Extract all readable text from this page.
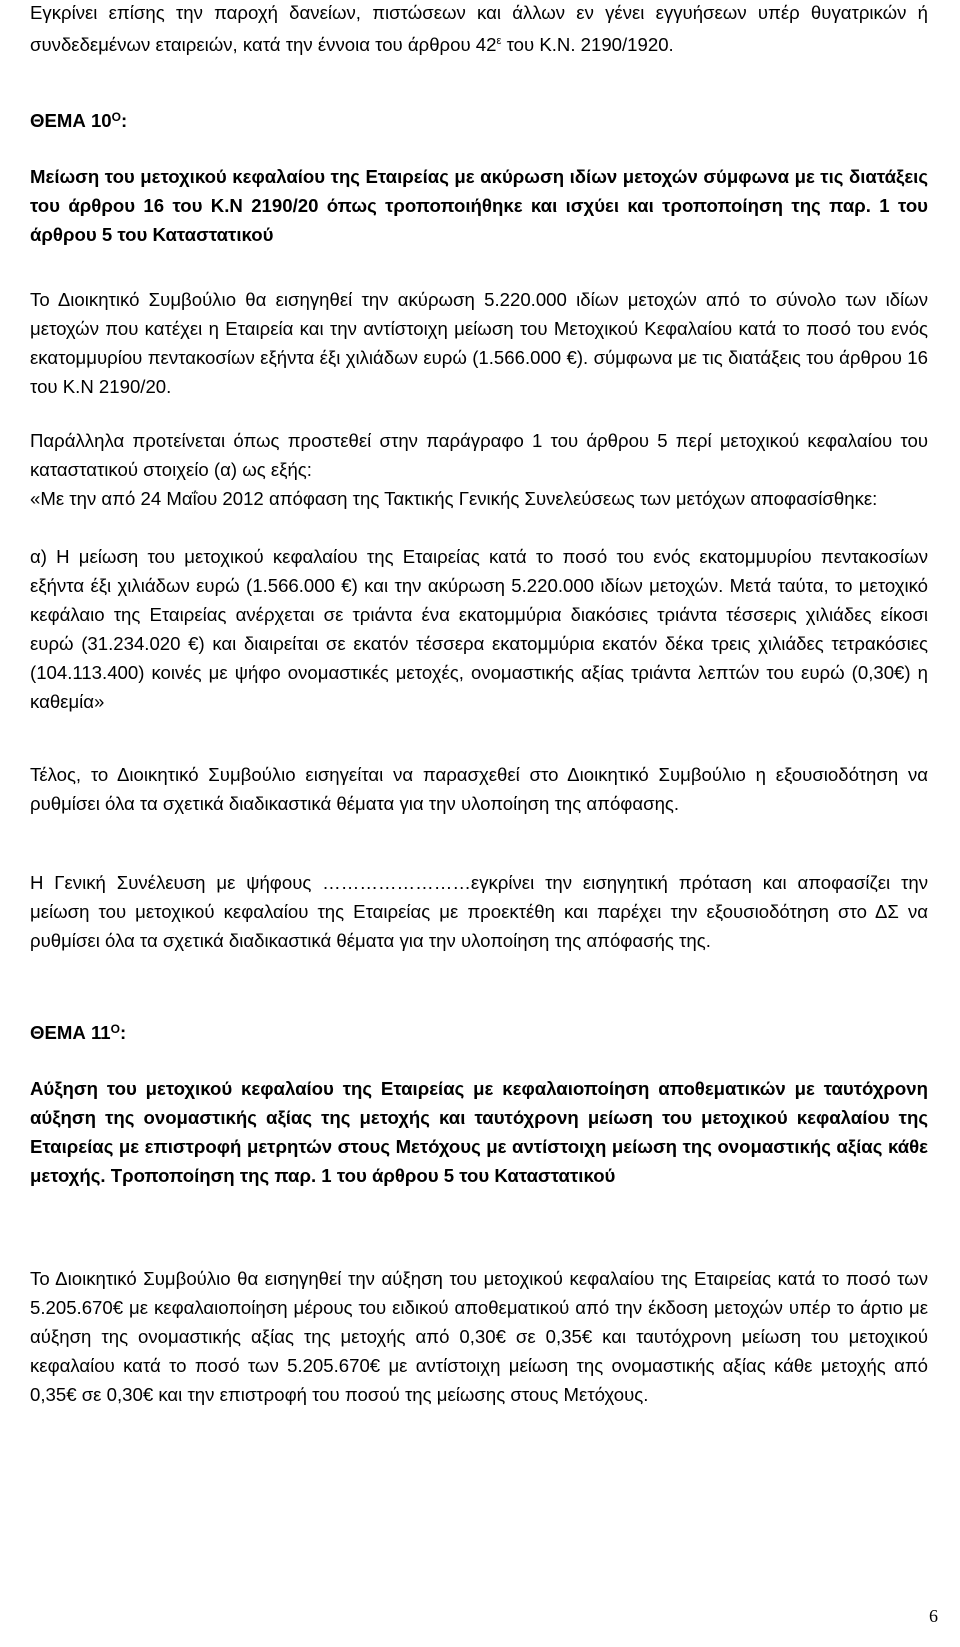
Εγκρίνει επίσης την παροχή δανείων, πιστώσεων και άλλων εν γένει εγγυήσεων υπέρ θυγατρικών ή συνδεδεμένων εταιρειών, κατά την έννοια του άρθρου $42^\varepsilon$ του Κ.Ν. 2190/1920.

ΘΕΜΑ $10^O$:

Μείωση του μετοχικού κεφαλαίου της Εταιρείας με ακύρωση ιδίων μετοχών σύμφωνα με τις διατάξεις του άρθρου 16 του Κ.Ν 2190/20 όπως τροποποιήθηκε και ισχύει και τροποποίηση της παρ. 1 του άρθρου 5 του Καταστατικού

Το Διοικητικό Συμβούλιο θα εισηγηθεί την ακύρωση 5.220.000 ιδίων μετοχών από το σύνολο των ιδίων μετοχών που κατέχει η Εταιρεία και την αντίστοιχη μείωση του Μετοχικού Κεφαλαίου κατά το ποσό του ενός εκατομμυρίου πεντακοσίων εξήντα έξι χιλιάδων ευρώ (1.566.000 €). σύμφωνα με τις διατάξεις του άρθρου 16 του Κ.Ν 2190/20.

Παράλληλα προτείνεται όπως προστεθεί στην παράγραφο 1 του άρθρου 5 περί μετοχικού κεφαλαίου του καταστατικού στοιχείο (α) ως εξής:

«Με την από 24 Μαΐου 2012 απόφαση της Τακτικής Γενικής Συνελεύσεως των μετόχων αποφασίσθηκε:

α) Η μείωση του μετοχικού κεφαλαίου της Εταιρείας κατά το ποσό του ενός εκατομμυρίου πεντακοσίων εξήντα έξι χιλιάδων ευρώ (1.566.000 €) και την ακύρωση 5.220.000 ιδίων μετοχών. Μετά ταύτα, το μετοχικό κεφάλαιο της Εταιρείας ανέρχεται σε τριάντα ένα εκατομμύρια διακόσιες τριάντα τέσσερις χιλιάδες είκοσι ευρώ (31.234.020 €) και διαιρείται σε εκατόν τέσσερα εκατομμύρια εκατόν δέκα τρεις χιλιάδες τετρακόσιες (104.113.400) κοινές με ψήφο ονομαστικές μετοχές, ονομαστικής αξίας τριάντα λεπτών του ευρώ (0,30€) η καθεμία»

Τέλος, το Διοικητικό Συμβούλιο εισηγείται να παρασχεθεί στο Διοικητικό Συμβούλιο η εξουσιοδότηση να ρυθμίσει όλα τα σχετικά διαδικαστικά θέματα για την υλοποίηση της απόφασης.

Η Γενική Συνέλευση με ψήφους ……………………εγκρίνει την εισηγητική πρόταση και αποφασίζει την μείωση του μετοχικού κεφαλαίου της Εταιρείας με προεκτέθη και παρέχει την εξουσιοδότηση στο ΔΣ να ρυθμίσει όλα τα σχετικά διαδικαστικά θέματα για την υλοποίηση της απόφασής της.

ΘΕΜΑ $11^O$:

Αύξηση του μετοχικού κεφαλαίου της Εταιρείας με κεφαλαιοποίηση αποθεματικών με ταυτόχρονη αύξηση της ονομαστικής αξίας της μετοχής και ταυτόχρονη μείωση του μετοχικού κεφαλαίου της Εταιρείας με επιστροφή μετρητών στους Μετόχους με αντίστοιχη μείωση της ονομαστικής αξίας κάθε μετοχής. Τροποποίηση της παρ. 1 του άρθρου 5 του Καταστατικού

Το Διοικητικό Συμβούλιο θα εισηγηθεί την αύξηση του μετοχικού κεφαλαίου της Εταιρείας κατά το ποσό των 5.205.670€ με κεφαλαιοποίηση μέρους του ειδικού αποθεματικού από την έκδοση μετοχών υπέρ το άρτιο με αύξηση της ονομαστικής αξίας της μετοχής από 0,30€ σε 0,35€ και ταυτόχρονη μείωση του μετοχικού κεφαλαίου κατά το ποσό των 5.205.670€ με αντίστοιχη μείωση της ονομαστικής αξίας κάθε μετοχής από 0,35€ σε 0,30€ και την επιστροφή του ποσού της μείωσης στους Μετόχους.

6
